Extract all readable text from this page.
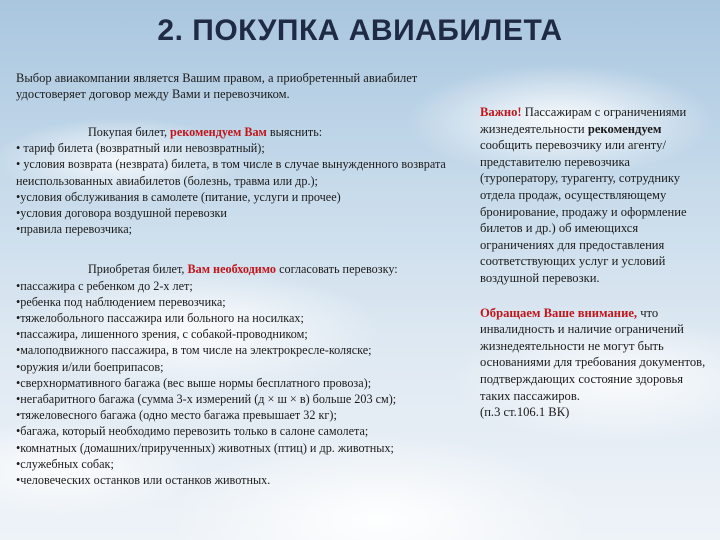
2. ПОКУПКА АВИАБИЛЕТА
Выбор авиакомпании является Вашим правом, а приобретенный авиабилет удостоверяет договор между Вами и перевозчиком.

Покупая билет, рекомендуем Вам выяснить:

• тариф билета (возвратный или невозвратный);

• условия возврата (незврата) билета, в том числе в случае вынужденного возврата неиспользованных авиабилетов (болезнь, травма или др.);

•условия обслуживания в самолете (питание, услуги и прочее)

•условия договора воздушной перевозки

•правила перевозчика;

Приобретая билет, Вам необходимо согласовать перевозку:

•пассажира с ребенком до 2-х лет;

•ребенка под наблюдением перевозчика;

•тяжелобольного пассажира или больного на носилках;

•пассажира, лишенного зрения, с собакой-проводником;

•малоподвижного пассажира, в том числе на электрокресле-коляске;

•оружия и/или боеприпасов;

•сверхнормативного багажа (вес выше нормы бесплатного провоза);

•негабаритного багажа (сумма 3-х измерений (д × ш × в) больше 203 см);

•тяжеловесного багажа (одно место багажа превышает 32 кг);

•багажа, который необходимо перевозить только в салоне самолета;

•комнатных (домашних/прирученных) животных (птиц) и др. животных;

•служебных собак;

•человеческих останков или останков животных.

Важно! Пассажирам с ограничениями жизнедеятельности рекомендуем сообщить перевозчику или агенту/представителю перевозчика (туроператору, турагенту, сотруднику отдела продаж, осуществляющему бронирование, продажу и оформление билетов и др.) об имеющихся ограничениях для предоставления соответствующих услуг и условий воздушной перевозки.

Обращаем Ваше внимание, что инвалидность и наличие ограничений жизнедеятельности не могут быть основаниями для требования документов, подтверждающих состояние здоровья таких пассажиров.
(п.3 ст.106.1 ВК)
